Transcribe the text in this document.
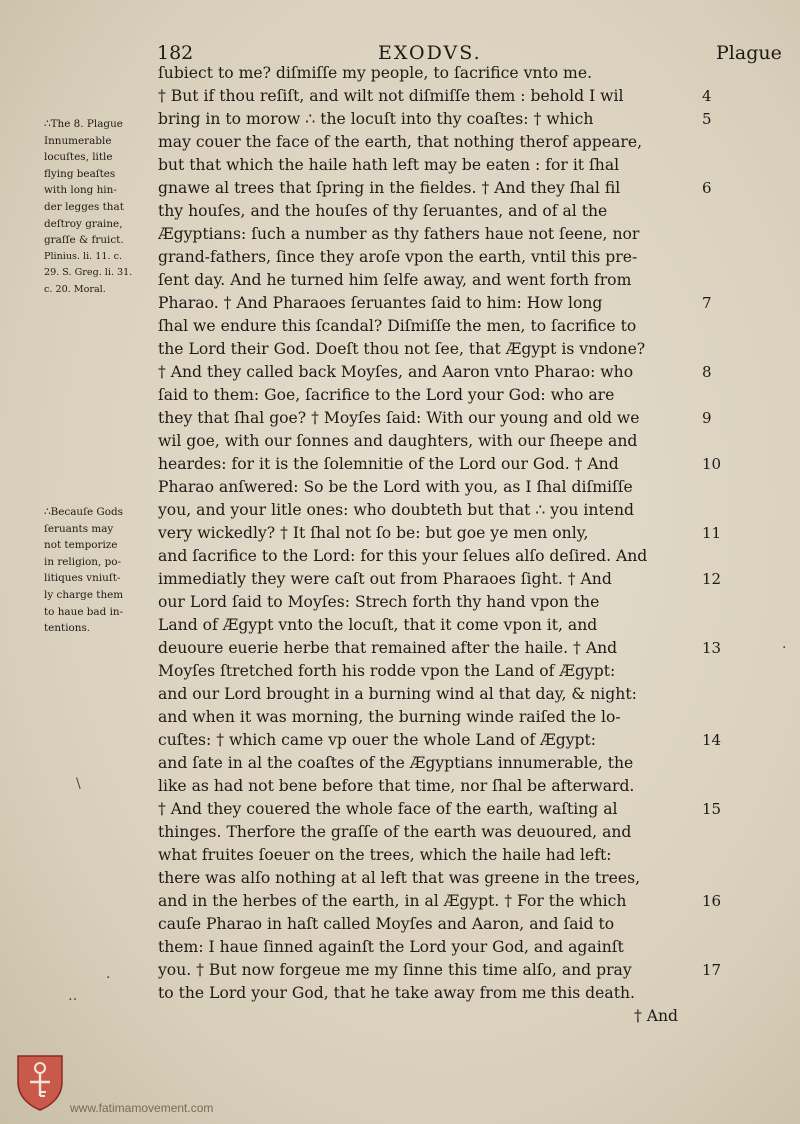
182	EXODVS.	Plague
ſubiect to me? diſmiſſe my people, to ſacrifice vnto me.
† But if thou reſiſt, and wilt not diſmiſſe them : behold I wil
bring in to morow ∴ the locuſt into thy coaſtes: † which
may couer the face of the earth, that nothing therof appeare,
but that which the haile hath left may be eaten : for it ſhal
gnawe al trees that ſpring in the fieldes. † And they ſhal fil
thy houſes, and the houſes of thy ſeruantes, and of al the
Ægyptians: ſuch a number as thy fathers haue not ſeene, nor
grand-fathers, ſince they aroſe vpon the earth, vntil this pre-
ſent day. And he turned him ſelfe away, and went forth from
Pharao. † And Pharaoes ſeruantes ſaid to him: How long
ſhal we endure this ſcandal? Diſmiſſe the men, to ſacrifice to
the Lord their God. Doeſt thou not ſee, that Ægypt is vndone?
† And they called back Moyſes, and Aaron vnto Pharao: who
ſaid to them: Goe, ſacrifice to the Lord your God: who are
they that ſhal goe? † Moyſes ſaid: With our young and old we
wil goe, with our ſonnes and daughters, with our ſheepe and
heardes: for it is the ſolemnitie of the Lord our God. † And
Pharao anſwered: So be the Lord with you, as I ſhal diſmiſſe
you, and your litle ones: who doubteth but that ∴ you intend
very wickedly? † It ſhal not ſo be: but goe ye men only,
and ſacrifice to the Lord: for this your ſelues alſo deſired. And
immediatly they were caſt out from Pharaoes ſight. † And
our Lord ſaid to Moyſes: Strech forth thy hand vpon the
Land of Ægypt vnto the locuſt, that it come vpon it, and
deuoure euerie herbe that remained after the haile. † And
Moyſes ſtretched forth his rodde vpon the Land of Ægypt:
and our Lord brought in a burning wind al that day, & night:
and when it was morning, the burning winde raiſed the lo-
cuſtes: † which came vp ouer the whole Land of Ægypt:
and ſate in al the coaſtes of the Ægyptians innumerable, the
like as had not bene before that time, nor ſhal be afterward.
† And they couered the whole face of the earth, waſting al
thinges. Therfore the graſſe of the earth was deuoured, and
what fruites ſoeuer on the trees, which the haile had left:
there was alſo nothing at al left that was greene in the trees,
and in the herbes of the earth, in al Ægypt. † For the which
cauſe Pharao in haſt called Moyſes and Aaron, and ſaid to
them: I haue ſinned againſt the Lord your God, and againſt
you. † But now forgeue me my ſinne this time alſo, and pray
to the Lord your God, that he take away from me this death.
† And
4
5
6
7
8
9
10
11
12
13
14
15
16
17
∴The 8. Plague
Innumerable
locuſtes, litle
flying beaſtes
with long hin-
der legges that
deſtroy graine,
graſſe & fruict.
Plinius. li. 11. c.
29. S. Greg. li. 31.
c. 20. Moral.
∴Becauſe Gods
ſeruants may
not temporize
in religion, po-
litiques vniuſt-
ly charge them
to haue bad in-
tentions.
\
·
‥
·
www.fatimamovement.com
